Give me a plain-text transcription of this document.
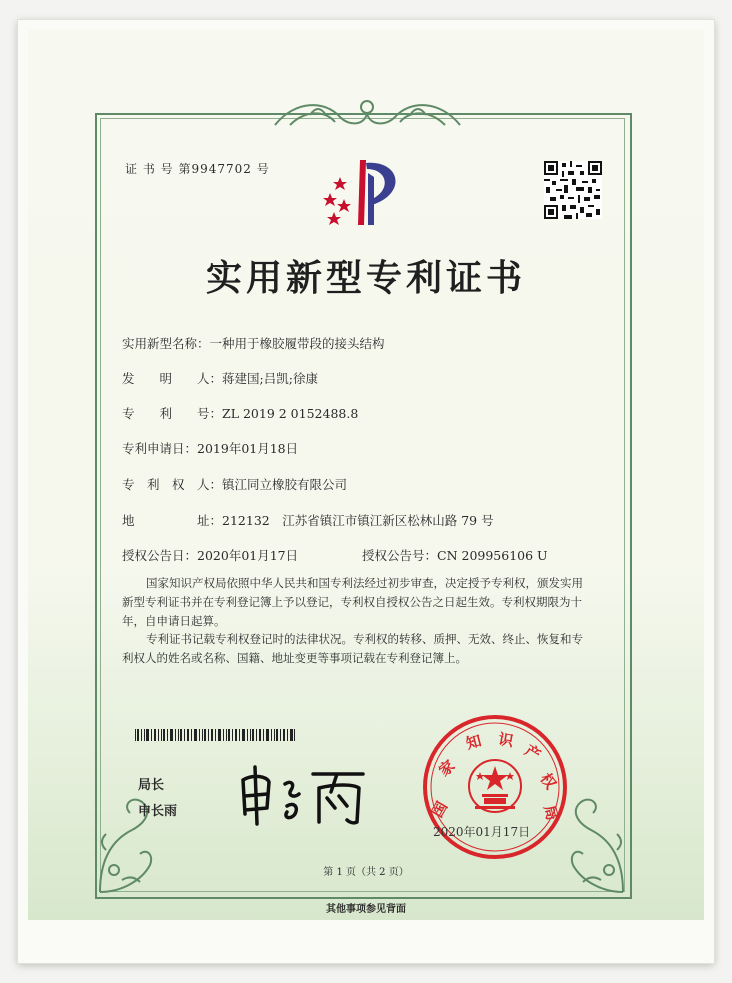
证 书 号 第9947702 号
实用新型专利证书
实用新型名称：一种用于橡胶履带段的接头结构
发　　明　　人：蒋建国;吕凯;徐康
专　　利　　号：ZL 2019 2 0152488.8
专利申请日：2019年01月18日
专　利　权　人：镇江同立橡胶有限公司
地　　　　　址：212132　江苏省镇江市镇江新区松林山路 79 号
授权公告日：2020年01月17日	授权公告号：CN 209956106 U
国家知识产权局依照中华人民共和国专利法经过初步审查，决定授予专利权，颁发实用
新型专利证书并在专利登记簿上予以登记，专利权自授权公告之日起生效。专利权期限为十
年，自申请日起算。
专利证书记载专利权登记时的法律状况。专利权的转移、质押、无效、终止、恢复和专
利权人的姓名或名称、国籍、地址变更等事项记载在专利登记簿上。
局长
申长雨	国
家
知 识
产
权
局
2020年01月17日
第 1 页（共 2 页）
其他事项参见背面
